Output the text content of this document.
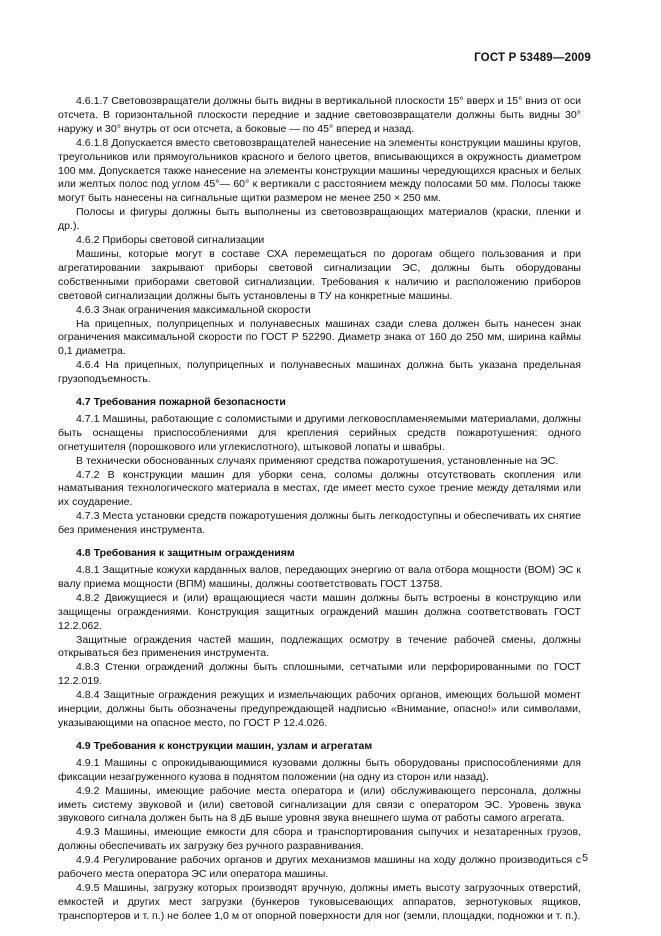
ГОСТ Р 53489—2009

4.6.1.7 Световозвращатели должны быть видны в вертикальной плоскости 15° вверх и 15° вниз от оси отсчета. В горизонтальной плоскости передние и задние световозвращатели должны быть видны 30° наружу и 30° внутрь от оси отсчета, а боковые — по 45° вперед и назад.

4.6.1.8 Допускается вместо световозвращателей нанесение на элементы конструкции машины кругов, треугольников или прямоугольников красного и белого цветов, вписывающихся в окружность диаметром 100 мм. Допускается также нанесение на элементы конструкции машины чередующихся красных и белых или желтых полос под углом 45°— 60° к вертикали с расстоянием между полосами 50 мм. Полосы также могут быть нанесены на сигнальные щитки размером не менее 250 × 250 мм.

Полосы и фигуры должны быть выполнены из световозвращающих материалов (краски, пленки и др.).

4.6.2 Приборы световой сигнализации

Машины, которые могут в составе СХА перемещаться по дорогам общего пользования и при агрегатировании закрывают приборы световой сигнализации ЭС, должны быть оборудованы собственными приборами световой сигнализации. Требования к наличию и расположению приборов световой сигнализации должны быть установлены в ТУ на конкретные машины.

4.6.3 Знак ограничения максимальной скорости

На прицепных, полуприцепных и полунавесных машинах сзади слева должен быть нанесен знак ограничения максимальной скорости по ГОСТ Р 52290. Диаметр знака от 160 до 250 мм, ширина каймы 0,1 диаметра.

4.6.4 На прицепных, полуприцепных и полунавесных машинах должна быть указана предельная грузоподъемность.

4.7 Требования пожарной безопасности

4.7.1 Машины, работающие с соломистыми и другими легковоспламеняемыми материалами, должны быть оснащены приспособлениями для крепления серийных средств пожаротушения: одного огнетушителя (порошкового или углекислотного), штыковой лопаты и швабры.

В технически обоснованных случаях применяют средства пожаротушения, установленные на ЭС.

4.7.2 В конструкции машин для уборки сена, соломы должны отсутствовать скопления или наматывания технологического материала в местах, где имеет место сухое трение между деталями или их соударение.

4.7.3 Места установки средств пожаротушения должны быть легкодоступны и обеспечивать их снятие без применения инструмента.

4.8 Требования к защитным ограждениям

4.8.1 Защитные кожухи карданных валов, передающих энергию от вала отбора мощности (ВОМ) ЭС к валу приема мощности (ВПМ) машины, должны соответствовать ГОСТ 13758.

4.8.2 Движущиеся и (или) вращающиеся части машин должны быть встроены в конструкцию или защищены ограждениями. Конструкция защитных ограждений машин должна соответствовать ГОСТ 12.2.062.

Защитные ограждения частей машин, подлежащих осмотру в течение рабочей смены, должны открываться без применения инструмента.

4.8.3 Стенки ограждений должны быть сплошными, сетчатыми или перфорированными по ГОСТ 12.2.019.

4.8.4 Защитные ограждения режущих и измельчающих рабочих органов, имеющих большой момент инерции, должны быть обозначены предупреждающей надписью «Внимание, опасно!» или символами, указывающими на опасное место, по ГОСТ Р 12.4.026.

4.9 Требования к конструкции машин, узлам и агрегатам

4.9.1 Машины с опрокидывающимися кузовами должны быть оборудованы приспособлениями для фиксации незагруженного кузова в поднятом положении (на одну из сторон или назад).

4.9.2 Машины, имеющие рабочие места оператора и (или) обслуживающего персонала, должны иметь систему звуковой и (или) световой сигнализации для связи с оператором ЭС. Уровень звука звукового сигнала должен быть на 8 дБ выше уровня звука внешнего шума от работы самого агрегата.

4.9.3 Машины, имеющие емкости для сбора и транспортирования сыпучих и незатаренных грузов, должны обеспечивать их загрузку без ручного разравнивания.

4.9.4 Регулирование рабочих органов и других механизмов машины на ходу должно производиться с рабочего места оператора ЭС или оператора машины.

4.9.5 Машины, загрузку которых производят вручную, должны иметь высоту загрузочных отверстий, емкостей и других мест загрузки (бункеров туковысевающих аппаратов, зернотуковых ящиков, транспортеров и т. п.) не более 1,0 м от опорной поверхности для ног (земли, площадки, подножки и т. п.).

5
